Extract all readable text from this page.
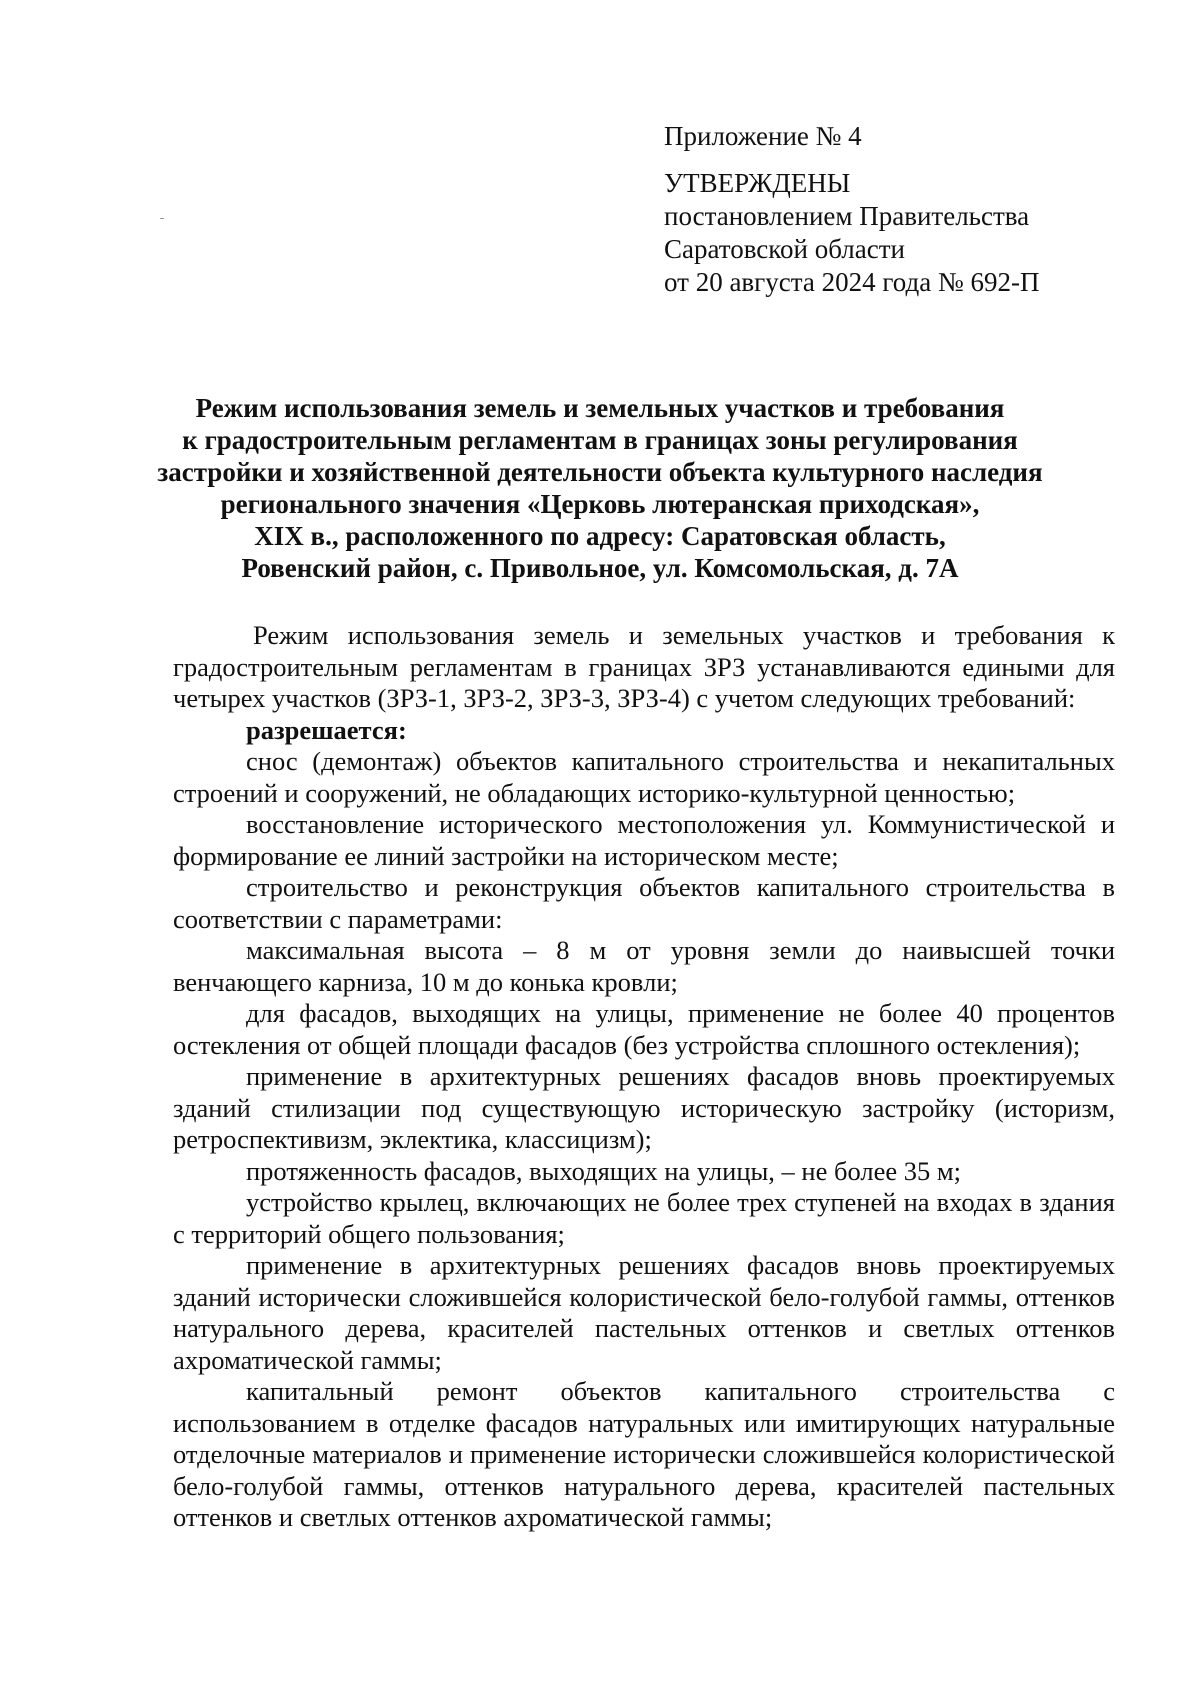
Приложение № 4
УТВЕРЖДЕНЫ
постановлением Правительства
Саратовской области
от 20 августа 2024 года № 692-П
Режим использования земель и земельных участков и требования
к градостроительным регламентам в границах зоны регулирования
застройки и хозяйственной деятельности объекта культурного наследия
регионального значения «Церковь лютеранская приходская»,
XIX в., расположенного по адресу: Саратовская область,
Ровенский район, с. Привольное, ул. Комсомольская, д. 7А

Режим использования земель и земельных участков и требования к градостроительным регламентам в границах ЗРЗ устанавливаются едиными для четырех участков (ЗРЗ-1, ЗРЗ-2, ЗРЗ-3, ЗРЗ-4) с учетом следующих требований:

разрешается:

снос (демонтаж) объектов капитального строительства и некапитальных строений и сооружений, не обладающих историко-культурной ценностью;

восстановление исторического местоположения ул. Коммунистической и формирование ее линий застройки на историческом месте;

строительство и реконструкция объектов капитального строительства в соответствии с параметрами:

максимальная высота – 8 м от уровня земли до наивысшей точки венчающего карниза, 10 м до конька кровли;

для фасадов, выходящих на улицы, применение не более 40 процентов остекления от общей площади фасадов (без устройства сплошного остекления);

применение в архитектурных решениях фасадов вновь проектируемых зданий стилизации под существующую историческую застройку (историзм, ретроспективизм, эклектика, классицизм);

протяженность фасадов, выходящих на улицы, – не более 35 м;

устройство крылец, включающих не более трех ступеней на входах в здания с территорий общего пользования;

применение в архитектурных решениях фасадов вновь проектируемых зданий исторически сложившейся колористической бело-голубой гаммы, оттенков натурального дерева, красителей пастельных оттенков и светлых оттенков ахроматической гаммы;

капитальный ремонт объектов капитального строительства с использованием в отделке фасадов натуральных или имитирующих натуральные отделочные материалов и применение исторически сложившейся колористической бело-голубой гаммы, оттенков натурального дерева, красителей пастельных оттенков и светлых оттенков ахроматической гаммы;
